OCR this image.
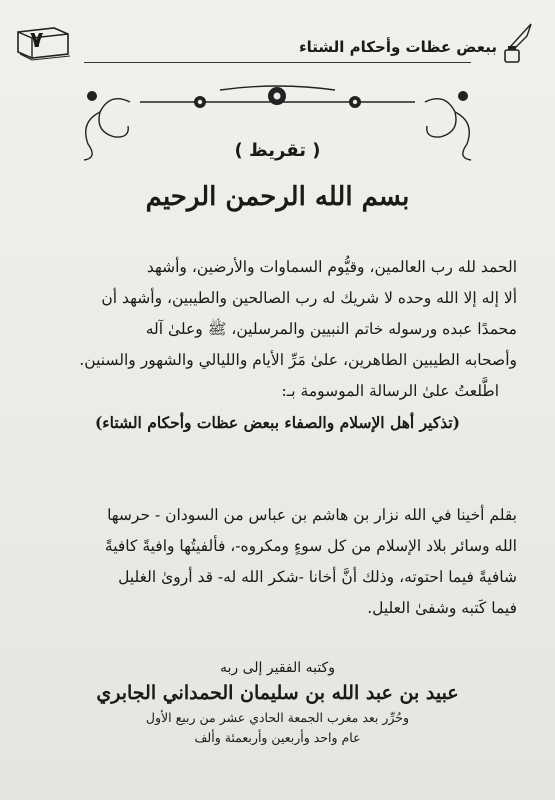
٧	ببعض عظات وأحكام الشتاء
( تقريظ )
بسم الله الرحمن الرحيم

الحمد لله رب العالمين، وقيُّوم السماوات والأرضين، وأشهد

ألا إله إلا الله وحده لا شريك له رب الصالحين والطيبين، وأشهد أن

محمدًا عبده ورسوله خاتم النبيين والمرسلين، ﷺ وعلىٰ آله

وأصحابه الطيبين الطاهرين، علىٰ مَرِّ الأيام والليالي والشهور والسنين.

اطَّلعتُ علىٰ الرسالة الموسومة بـ:

(تذكير أهل الإسلام والصفاء ببعض عظات وأحكام الشتاء)

بقلم أخينا في الله نزار بن هاشم بن عباس من السودان - حرسها

الله وسائر بلاد الإسلام من كل سوءٍ ومكروه-، فألفيتُها وافيةً كافيةً

شافيةً فيما احتوته، وذلك أنَّ أخانا -شكر الله له- قد أروىٰ الغليل

فيما كَتبه وشفىٰ العليل.

وكتبه الفقير إلى ربه
عبيد بن عبد الله بن سليمان الحمداني الجابري
وحُرِّر بعد مغرب الجمعة الحادي عشر من ربيع الأول
عام واحد وأربعين وأربعمئة وألف
